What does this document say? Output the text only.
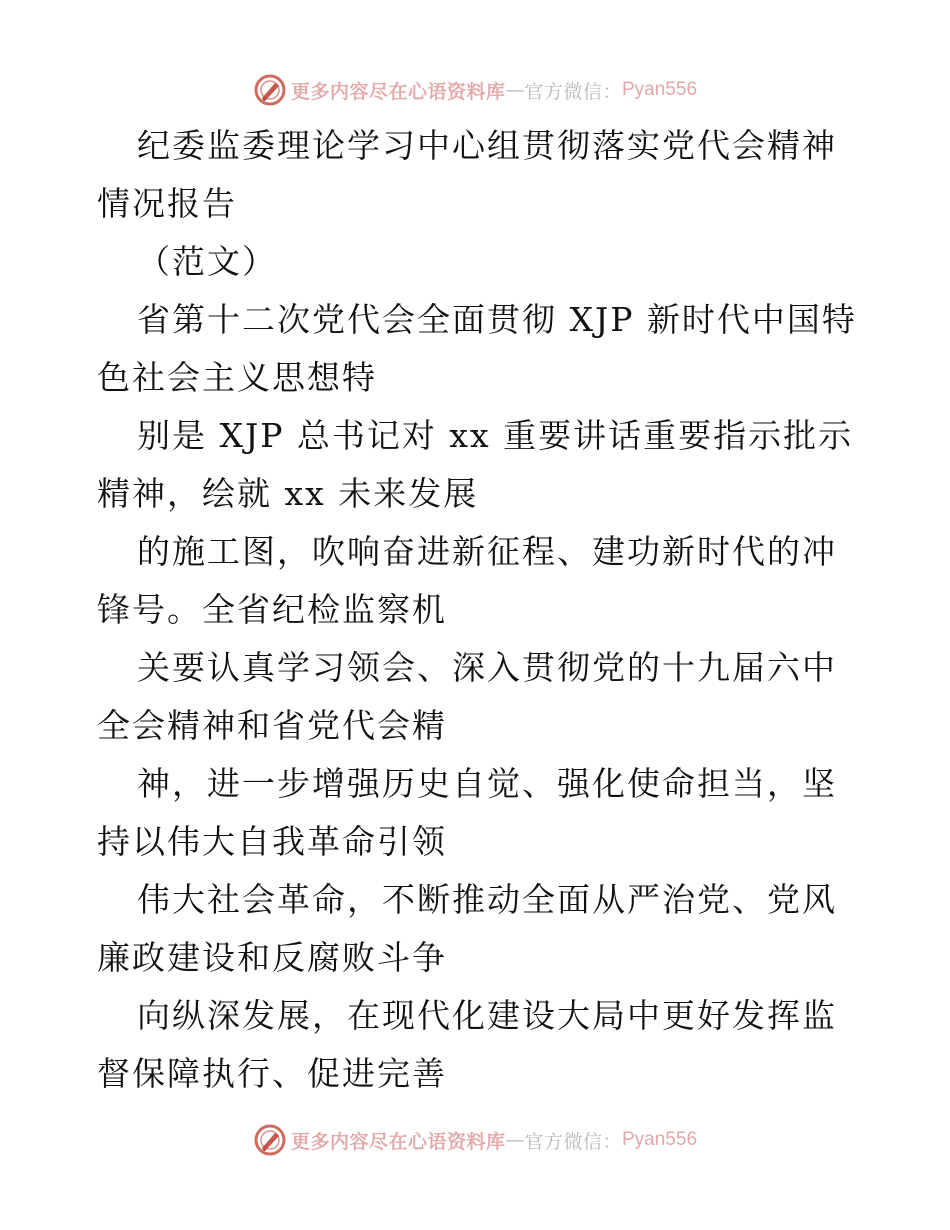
更多内容尽在心语资料库 — 官方微信： Pyan556

纪委监委理论学习中心组贯彻落实党代会精神情况报告

（范文）

省第十二次党代会全面贯彻 XJP 新时代中国特色社会主义思想特

别是 XJP 总书记对 xx 重要讲话重要指示批示精神，绘就 xx 未来发展

的施工图，吹响奋进新征程、建功新时代的冲锋号。全省纪检监察机

关要认真学习领会、深入贯彻党的十九届六中全会精神和省党代会精

神，进一步增强历史自觉、强化使命担当，坚持以伟大自我革命引领

伟大社会革命，不断推动全面从严治党、党风廉政建设和反腐败斗争

向纵深发展，在现代化建设大局中更好发挥监督保障执行、促进完善

更多内容尽在心语资料库 — 官方微信： Pyan556
